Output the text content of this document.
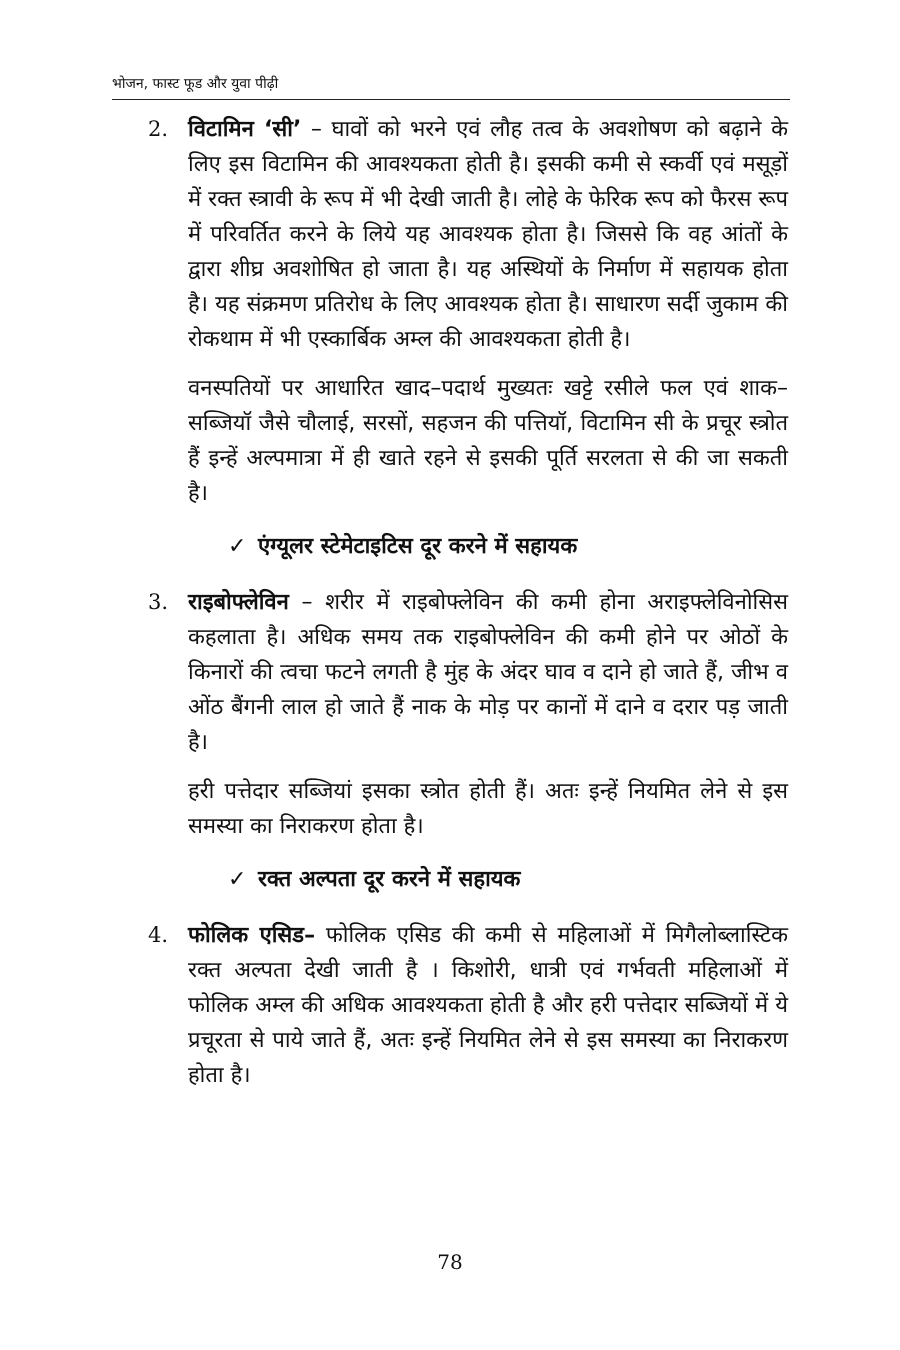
भोजन, फास्ट फूड और युवा पीढ़ी
2. विटामिन ‘सी’ – घावों को भरने एवं लौह तत्व के अवशोषण को बढ़ाने के लिए इस विटामिन की आवश्यकता होती है। इसकी कमी से स्कर्वी एवं मसूड़ों में रक्त स्त्रावी के रूप में भी देखी जाती है। लोहे के फेरिक रूप को फैरस रूप में परिवर्तित करने के लिये यह आवश्यक होता है। जिससे कि वह आंतों के द्वारा शीघ्र अवशोषित हो जाता है। यह अस्थियों के निर्माण में सहायक होता है। यह संक्रमण प्रतिरोध के लिए आवश्यक होता है। साधारण सर्दी जुकाम की रोकथाम में भी एस्कार्बिक अम्ल की आवश्यकता होती है।
वनस्पतियों पर आधारित खाद–पदार्थ मुख्यतः खट्टे रसीले फल एवं शाक–सब्जियॉ जैसे चौलाई, सरसों, सहजन की पत्तियॉ, विटामिन सी के प्रचूर स्त्रोत हैं इन्हें अल्पमात्रा में ही खाते रहने से इसकी पूर्ति सरलता से की जा सकती है।
✓ एंग्यूलर स्टेमेटाइटिस दूर करने में सहायक
3. राइबोफ्लेविन – शरीर में राइबोफ्लेविन की कमी होना अराइफ्लेविनोसिस कहलाता है। अधिक समय तक राइबोफ्लेविन की कमी होने पर ओठों के किनारों की त्वचा फटने लगती है मुंह के अंदर घाव व दाने हो जाते हैं, जीभ व ओंठ बैंगनी लाल हो जाते हैं नाक के मोड़ पर कानों में दाने व दरार पड़ जाती है।
हरी पत्तेदार सब्जियां इसका स्त्रोत होती हैं। अतः इन्हें नियमित लेने से इस समस्या का निराकरण होता है।
✓ रक्त अल्पता दूर करने में सहायक
4. फोलिक एसिड– फोलिक एसिड की कमी से महिलाओं में मिगैलोब्लास्टिक रक्त अल्पता देखी जाती है । किशोरी, धात्री एवं गर्भवती महिलाओं में फोलिक अम्ल की अधिक आवश्यकता होती है और हरी पत्तेदार सब्जियों में ये प्रचूरता से पाये जाते हैं, अतः इन्हें नियमित लेने से इस समस्या का निराकरण होता है।
78
